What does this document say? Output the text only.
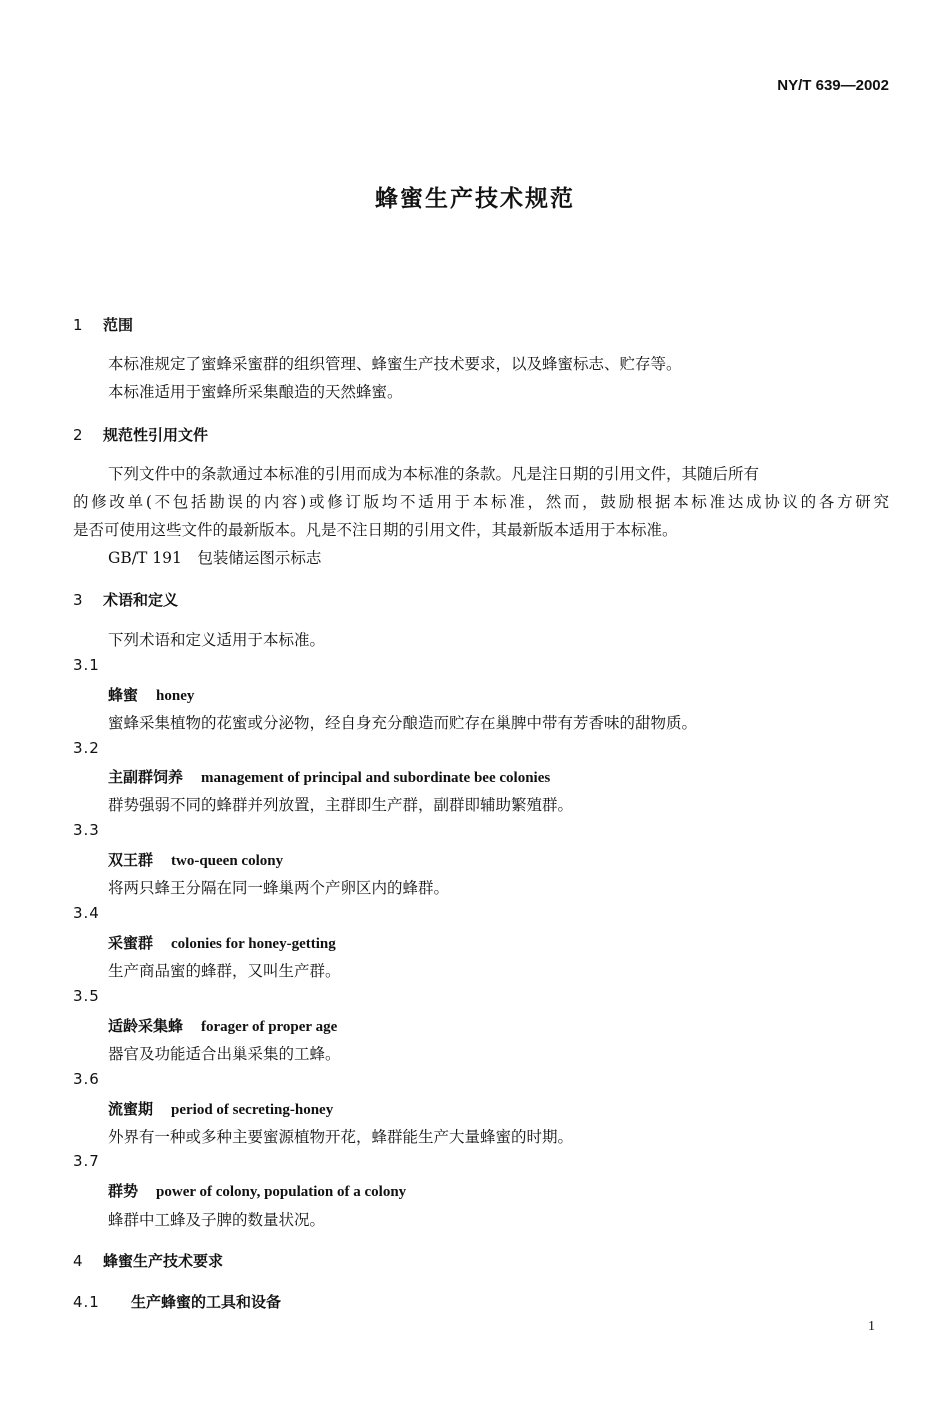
NY/T 639—2002
蜂蜜生产技术规范
1 范围
本标准规定了蜜蜂采蜜群的组织管理、蜂蜜生产技术要求，以及蜂蜜标志、贮存等。
本标准适用于蜜蜂所采集酿造的天然蜂蜜。
2 规范性引用文件
下列文件中的条款通过本标准的引用而成为本标准的条款。凡是注日期的引用文件，其随后所有
的修改单(不包括勘误的内容)或修订版均不适用于本标准，然而，鼓励根据本标准达成协议的各方研究
是否可使用这些文件的最新版本。凡是不注日期的引用文件，其最新版本适用于本标准。
GB/T 191　包装储运图示标志
3 术语和定义
下列术语和定义适用于本标准。
3.1
蜂蜜 honey
蜜蜂采集植物的花蜜或分泌物，经自身充分酿造而贮存在巢脾中带有芳香味的甜物质。
3.2
主副群饲养 management of principal and subordinate bee colonies
群势强弱不同的蜂群并列放置，主群即生产群，副群即辅助繁殖群。
3.3
双王群 two-queen colony
将两只蜂王分隔在同一蜂巢两个产卵区内的蜂群。
3.4
采蜜群 colonies for honey-getting
生产商品蜜的蜂群，又叫生产群。
3.5
适龄采集蜂 forager of proper age
器官及功能适合出巢采集的工蜂。
3.6
流蜜期 period of secreting-honey
外界有一种或多种主要蜜源植物开花，蜂群能生产大量蜂蜜的时期。
3.7
群势 power of colony, population of a colony
蜂群中工蜂及子脾的数量状况。
4 蜂蜜生产技术要求
4.1 生产蜂蜜的工具和设备
1
